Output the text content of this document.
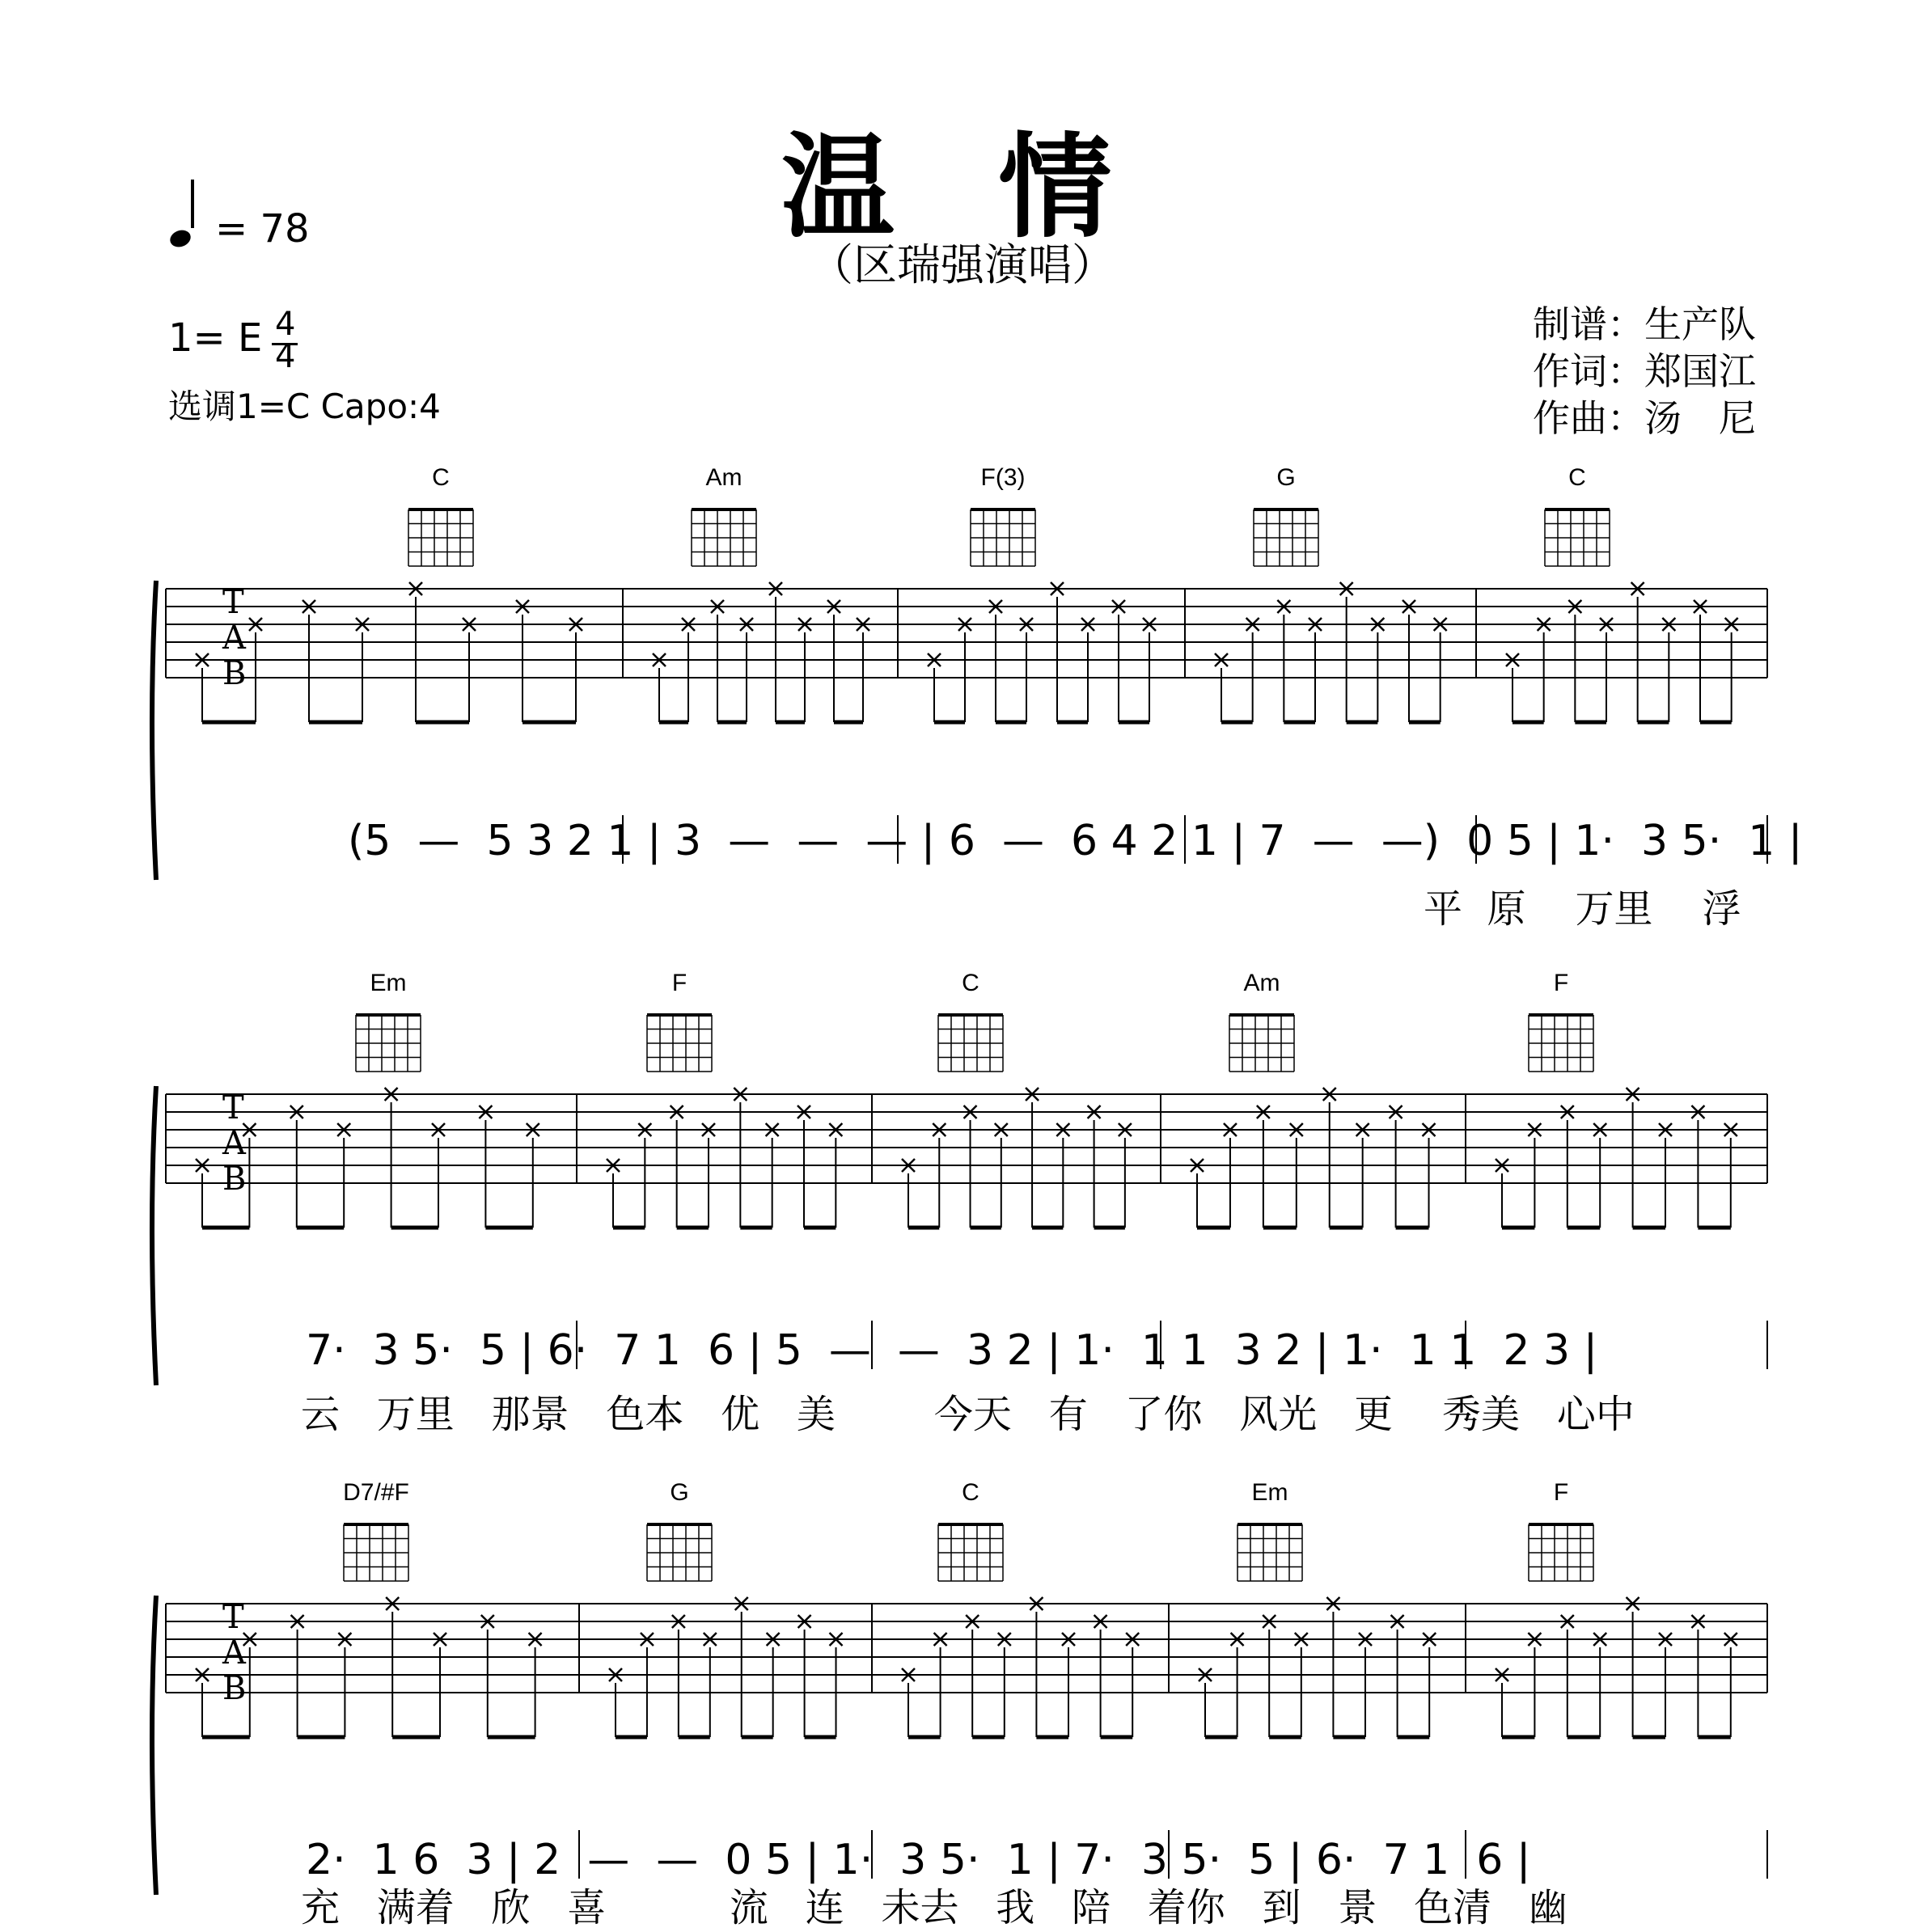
温 情
（区瑞强演唱）
= 78
1= E 4
4
选调1=C Capo:4
制谱：生产队
作词：郑国江
作曲：汤　尼
T
A
B
C	Am	F(3)	G	C
T
A
B
Em	F	C	Am	F
T
A
B
D7/#F	G	C	Em	F
(5  —  5 3 2 1 | 3  —  —  — | 6  —  6 4 2 1 | 7  —  —)  0 5 | 1·  3 5·  1 |
平  原    万里    浮
7·  3 5·  5 | 6·  7 1  6 | 5  —  —  3 2 | 1·  1 1  3 2 | 1·  1 1  2 3 |
云   万里   那景   色本   优   美        今天   有   了你   风光   更    秀美   心中
2·  1 6  3 | 2  —  —  0 5 | 1·  3 5·  1 | 7·  3 5·  5 | 6·  7 1  6 |
充   满着   欣   喜          流   连   未去   我   陪   着你   到   景   色清   幽
